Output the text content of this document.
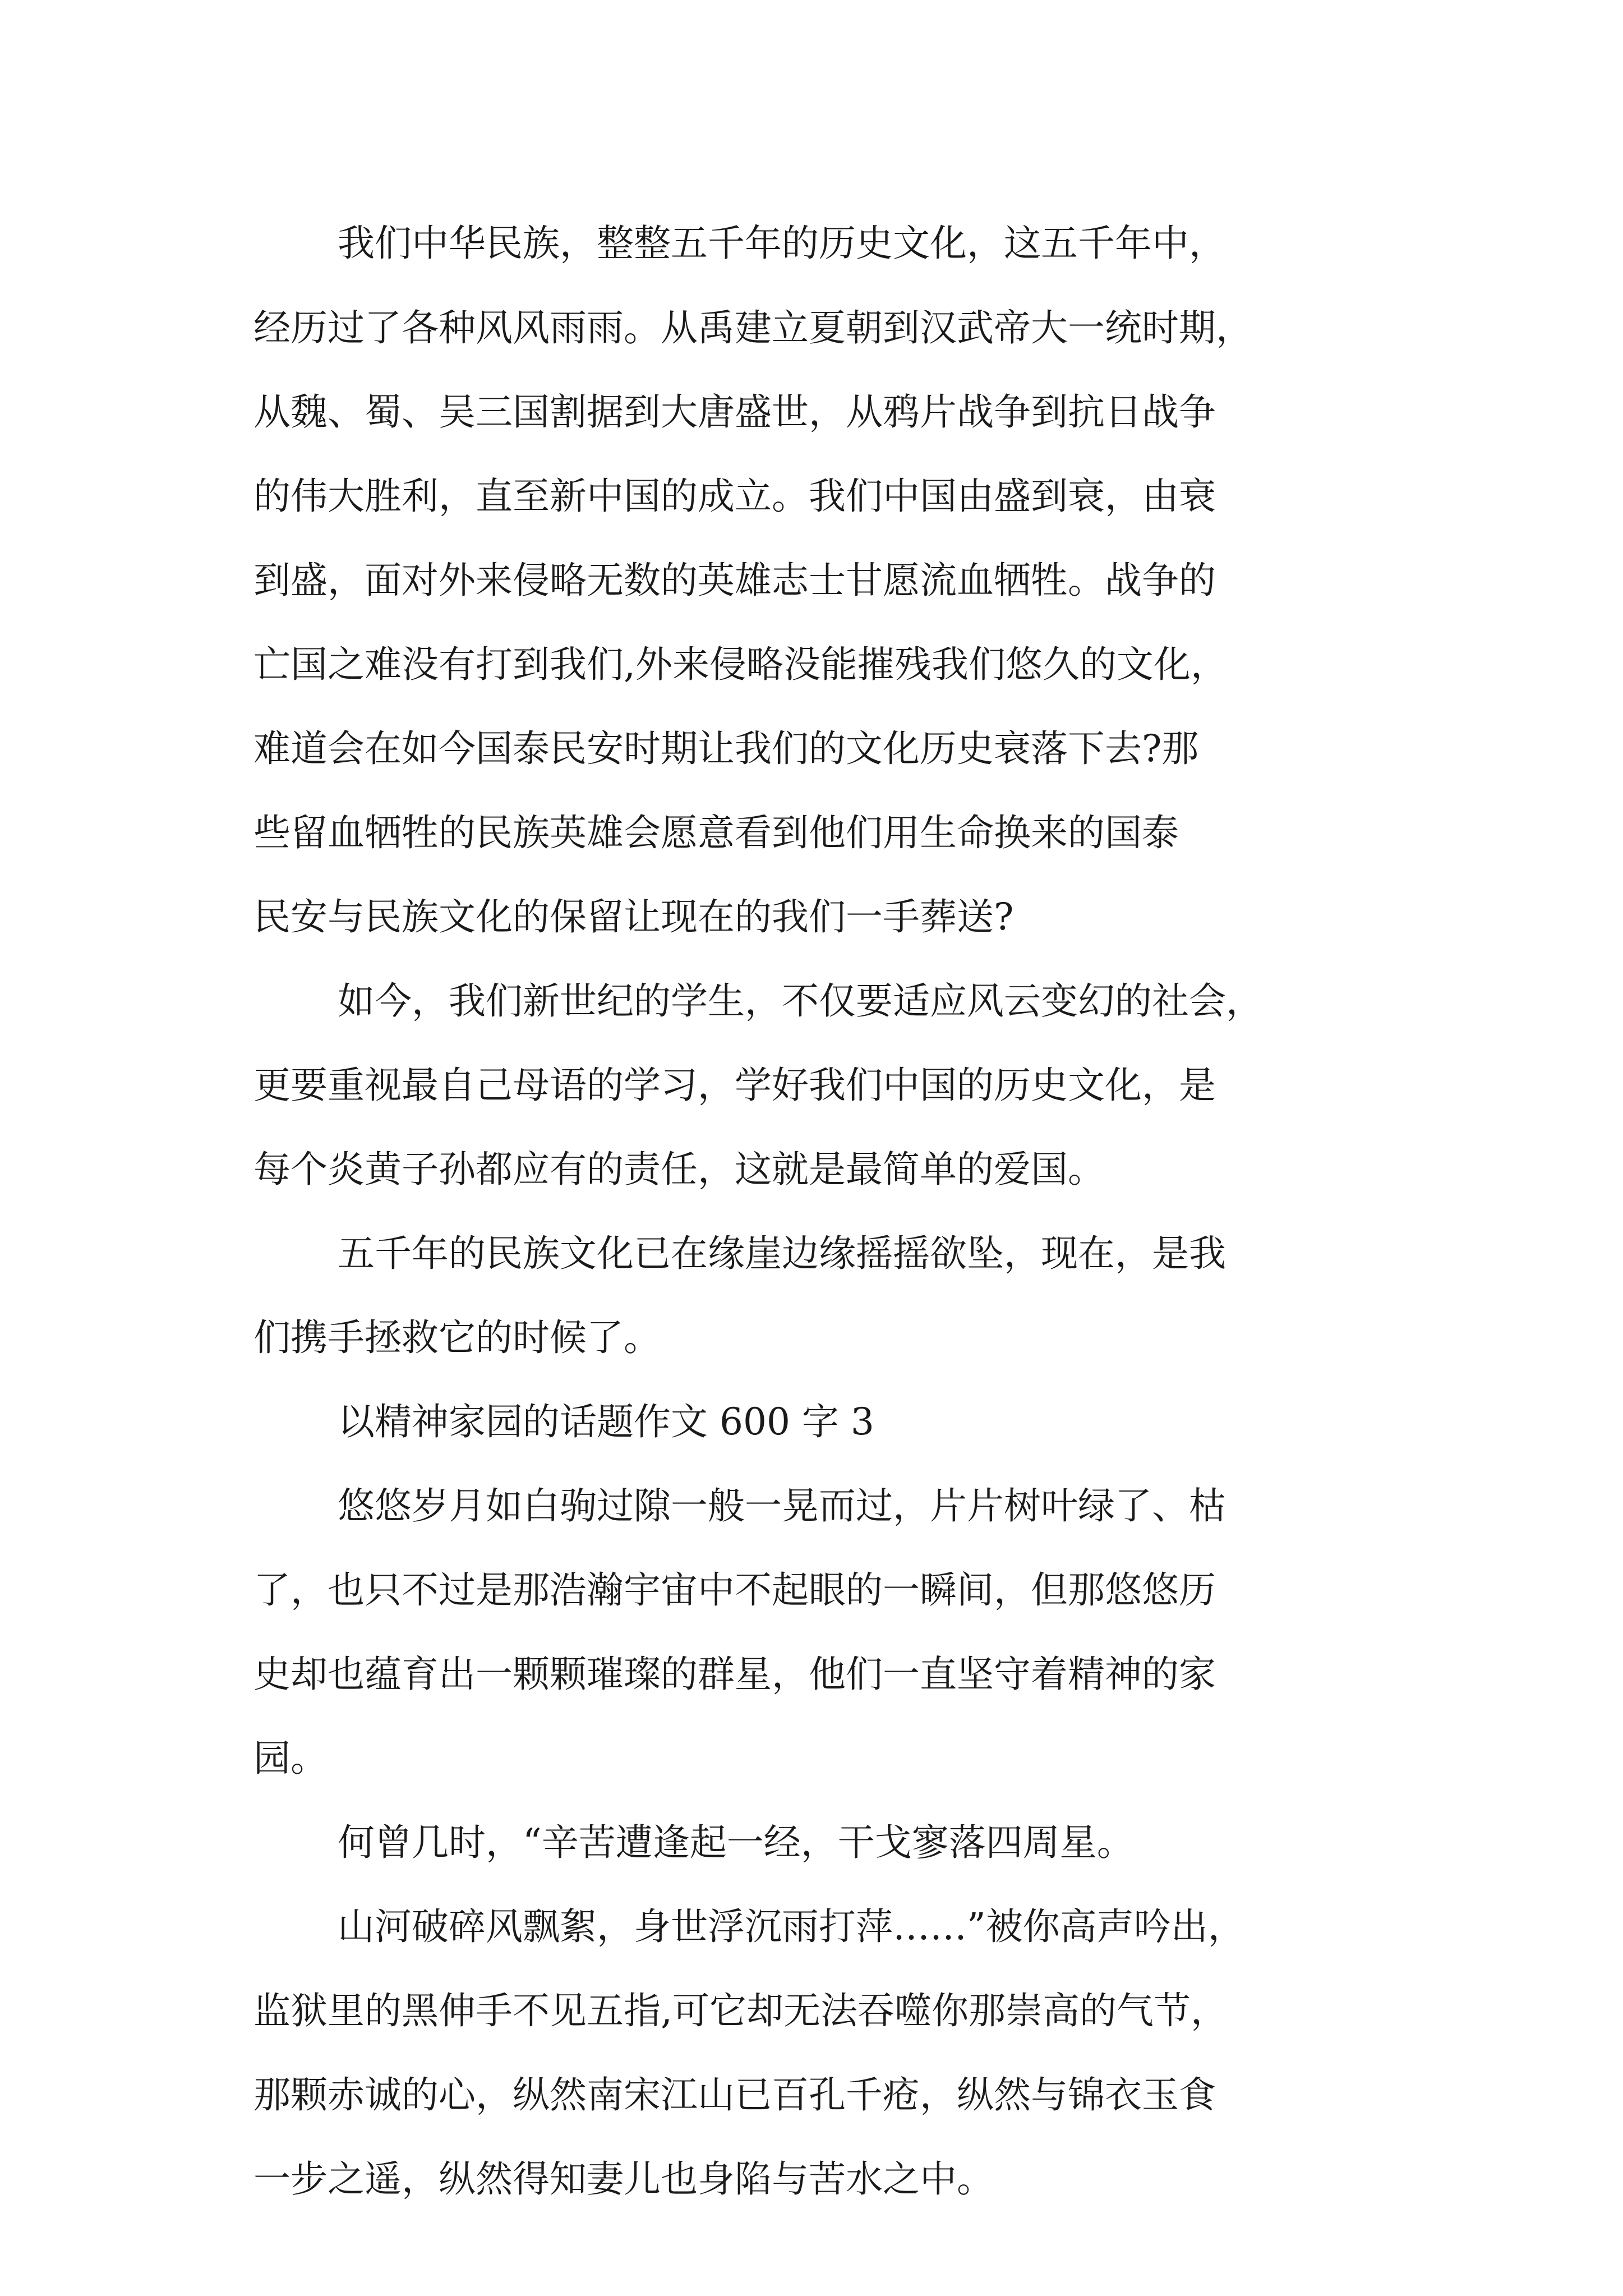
我们中华民族，整整五千年的历史文化，这五千年中，
经历过了各种风风雨雨。从禹建立夏朝到汉武帝大一统时期，
从魏、蜀、吴三国割据到大唐盛世，从鸦片战争到抗日战争
的伟大胜利，直至新中国的成立。我们中国由盛到衰，由衰
到盛，面对外来侵略无数的英雄志士甘愿流血牺牲。战争的
亡国之难没有打到我们,外来侵略没能摧残我们悠久的文化，
难道会在如今国泰民安时期让我们的文化历史衰落下去?那
些留血牺牲的民族英雄会愿意看到他们用生命换来的国泰
民安与民族文化的保留让现在的我们一手葬送?
如今，我们新世纪的学生，不仅要适应风云变幻的社会，
更要重视最自己母语的学习，学好我们中国的历史文化，是
每个炎黄子孙都应有的责任，这就是最简单的爱国。
五千年的民族文化已在缘崖边缘摇摇欲坠，现在，是我
们携手拯救它的时候了。
以精神家园的话题作文 600 字 3
悠悠岁月如白驹过隙一般一晃而过，片片树叶绿了、枯
了，也只不过是那浩瀚宇宙中不起眼的一瞬间，但那悠悠历
史却也蕴育出一颗颗璀璨的群星，他们一直坚守着精神的家
园。
何曾几时，“辛苦遭逢起一经，干戈寥落四周星。
山河破碎风飘絮，身世浮沉雨打萍……”被你高声吟出，
监狱里的黑伸手不见五指,可它却无法吞噬你那崇高的气节，
那颗赤诚的心，纵然南宋江山已百孔千疮，纵然与锦衣玉食
一步之遥，纵然得知妻儿也身陷与苦水之中。
